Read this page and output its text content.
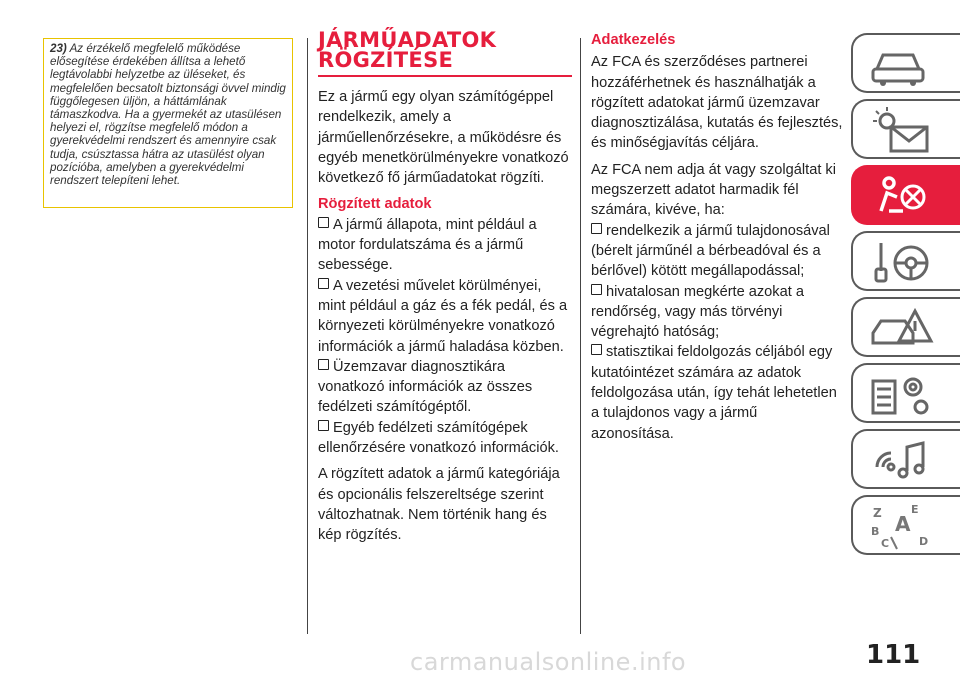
23) Az érzékelő megfelelő működése elősegítése érdekében állítsa a lehető legtávolabbi helyzetbe az üléseket, és megfelelően becsatolt biztonsági övvel mindig függőlegesen üljön, a háttámlának támaszkodva. Ha a gyermekét az utasülésen helyezi el, rögzítse megfelelő módon a gyerekvédelmi rendszert és amennyire csak tudja, csúsztassa hátra az utasülést olyan pozícióba, amelyben a gyerekvédelmi rendszert telepíteni lehet.
JÁRMŰADATOK
RÖGZÍTÉSE

Ez a jármű egy olyan számítógéppel rendelkezik, amely a járműellenőrzésekre, a működésre és egyéb menetkörülményekre vonatkozó következő fő járműadatokat rögzíti.

Rögzített adatok
A jármű állapota, mint például a motor fordulatszáma és a jármű sebessége.
A vezetési művelet körülményei, mint például a gáz és a fék pedál, és a környezeti körülményekre vonatkozó információk a jármű haladása közben.
Üzemzavar diagnosztikára vonatkozó információk az összes fedélzeti számítógéptől.
Egyéb fedélzeti számítógépek ellenőrzésére vonatkozó információk.

A rögzített adatok a jármű kategóriája és opcionális felszereltsége szerint változhatnak. Nem történik hang és kép rögzítés.

Adatkezelés

Az FCA és szerződéses partnerei hozzáférhetnek és használhatják a rögzített adatokat jármű üzemzavar diagnosztizálása, kutatás és fejlesztés, és minőségjavítás céljára.

Az FCA nem adja át vagy szolgáltat ki megszerzett adatot harmadik fél számára, kivéve, ha:

rendelkezik a jármű tulajdonosával (bérelt járműnél a bérbeadóval és a bérlővel) kötött megállapodással;
hivatalosan megkérte azokat a rendőrség, vagy más törvényi végrehajtó hatóság;
statisztikai feldolgozás céljából egy kutatóintézet számára az adatok feldolgozása után, így tehát lehetetlen a tulajdonos vagy a jármű azonosítása.
Z	E
B A
C	D
111
carmanualsonline.info
